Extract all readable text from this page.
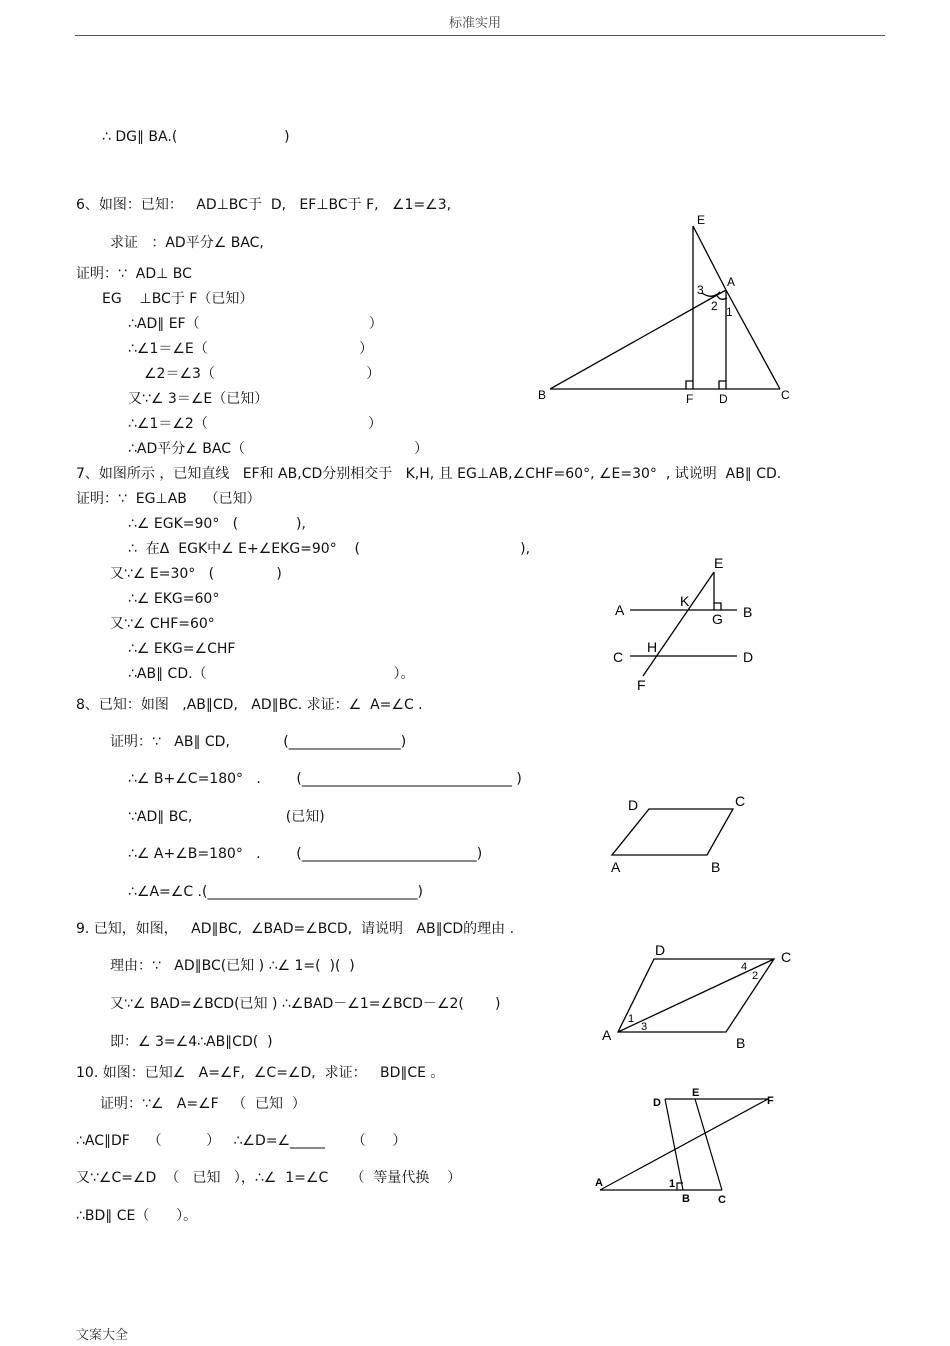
标准实用
∴ DG∥ BA.(                        )
6、如图：已知：   AD⊥BC于  D,   EF⊥BC于 F,   ∠1=∠3,
求证   ：AD平分∠ BAC,
证明：∵  AD⊥ BC
EG    ⊥BC于 F（已知）
∴AD∥ EF（                                      ）
∴∠1＝∠E（                                  ）
∠2＝∠3（                                  ）
又∵∠ 3＝∠E（已知）
∴∠1＝∠2（                                    ）
∴AD平分∠ BAC（                                      ）
E
A
B	F D	C
3
2 1
7、如图所示 ，已知直线   EF和 AB,CD分别相交于   K,H, 且 EG⊥AB,∠CHF=60°, ∠E=30°  , 试说明  AB∥ CD.
证明：∵  EG⊥AB    （已知）
∴∠ EGK=90°   (             ),
∴  在Δ  EGK中∠ E+∠EKG=90°    (                                    ),
又∵∠ E=30°   (              )
∴∠ EKG=60°
又∵∠ CHF=60°
∴∠ EKG=∠CHF
∴AB∥ CD.（                                          ）。
E
A
K
B
G
C
H
D
F
8、已知：如图   ,AB∥CD,   AD∥BC. 求证：∠  A=∠C .
证明：∵   AB∥ CD,            (________________)
∴∠ B+∠C=180°   .        (______________________________ )
∵AD∥ BC,                     (已知)
∴∠ A+∠B=180°   .        (_________________________)
∴∠A=∠C .(______________________________)
D	C
A	B
9. 已知，如图，   AD∥BC,  ∠BAD=∠BCD,  请说明   AB∥CD的理由 .
理由：∵   AD∥BC(已知 ) ∴∠ 1=(  )(  )
又∵∠ BAD=∠BCD(已知 ) ∴∠BAD－∠1=∠BCD－∠2(       )
即：∠ 3=∠4∴AB∥CD(  )
D	C
A	B
1
3
4
2
10. 如图：已知∠   A=∠F,  ∠C=∠D,  求证：   BD∥CE 。
证明：∵∠   A=∠F   （  已知  ）
∴AC∥DF    （          ）   ∴∠D=∠_____      （      ）
又∵∠C=∠D  （   已知   ），∴∠  1=∠C     （  等量代换    ）
∴BD∥ CE（      ）。
D
E
F
A	1
B	C
文案大全
